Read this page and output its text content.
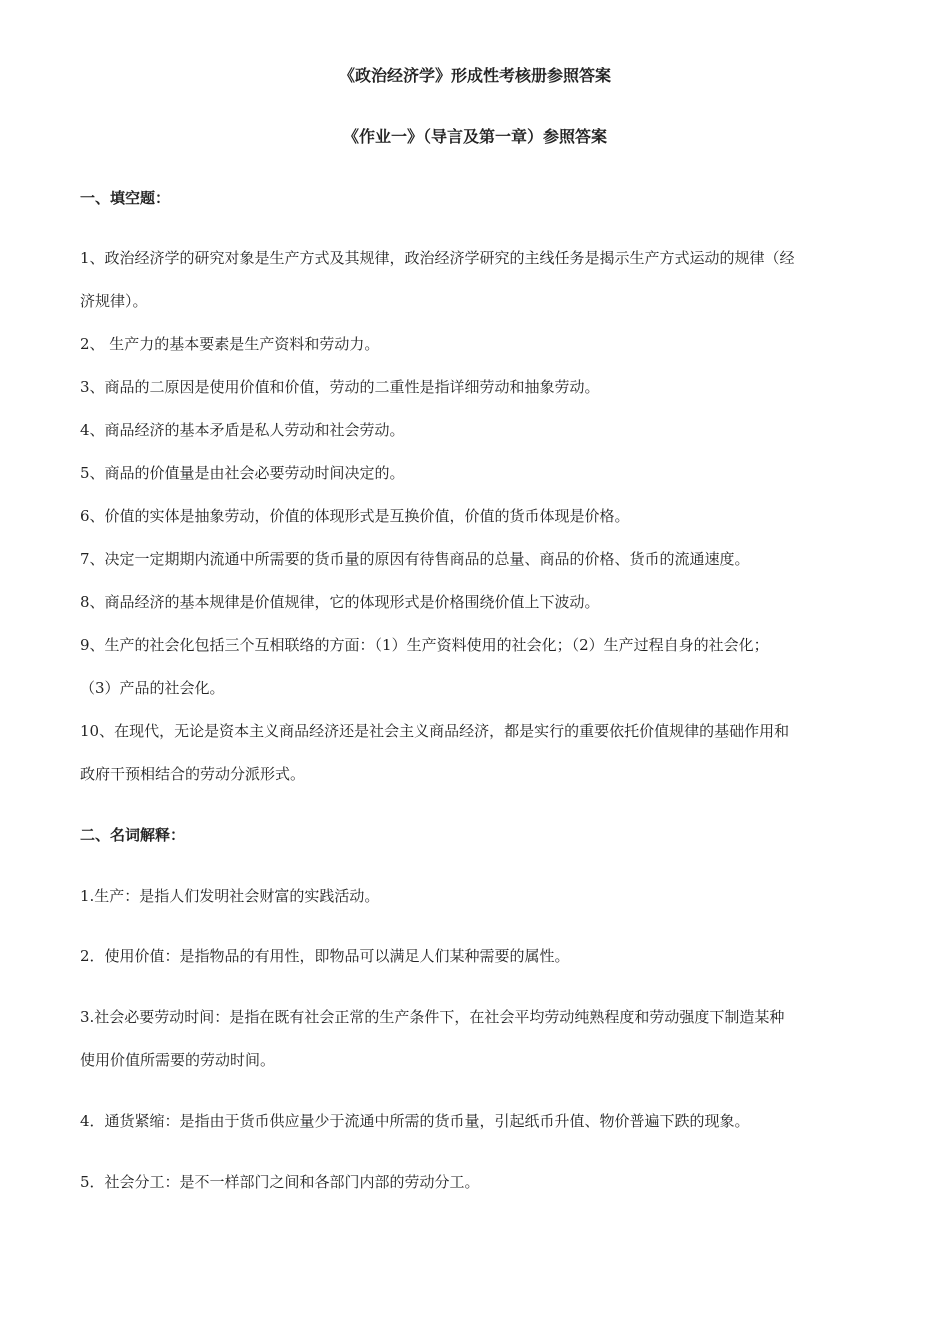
《政治经济学》形成性考核册参照答案
《作业一》（导言及第一章）参照答案
一、填空题：
1、政治经济学的研究对象是生产方式及其规律，政治经济学研究的主线任务是揭示生产方式运动的规律（经
济规律）。
2、 生产力的基本要素是生产资料和劳动力。
3、商品的二原因是使用价值和价值，劳动的二重性是指详细劳动和抽象劳动。
4、商品经济的基本矛盾是私人劳动和社会劳动。
5、商品的价值量是由社会必要劳动时间决定的。
6、价值的实体是抽象劳动，价值的体现形式是互换价值，价值的货币体现是价格。
7、决定一定期期内流通中所需要的货币量的原因有待售商品的总量、商品的价格、货币的流通速度。
8、商品经济的基本规律是价值规律，它的体现形式是价格围绕价值上下波动。
9、生产的社会化包括三个互相联络的方面：（1）生产资料使用的社会化；（2）生产过程自身的社会化；
（3）产品的社会化。
10、在现代，无论是资本主义商品经济还是社会主义商品经济，都是实行的重要依托价值规律的基础作用和
政府干预相结合的劳动分派形式。
二、名词解释：
1.生产：是指人们发明社会财富的实践活动。
2．使用价值：是指物品的有用性，即物品可以满足人们某种需要的属性。
3.社会必要劳动时间：是指在既有社会正常的生产条件下，在社会平均劳动纯熟程度和劳动强度下制造某种
使用价值所需要的劳动时间。
4．通货紧缩：是指由于货币供应量少于流通中所需的货币量，引起纸币升值、物价普遍下跌的现象。
5．社会分工：是不一样部门之间和各部门内部的劳动分工。
